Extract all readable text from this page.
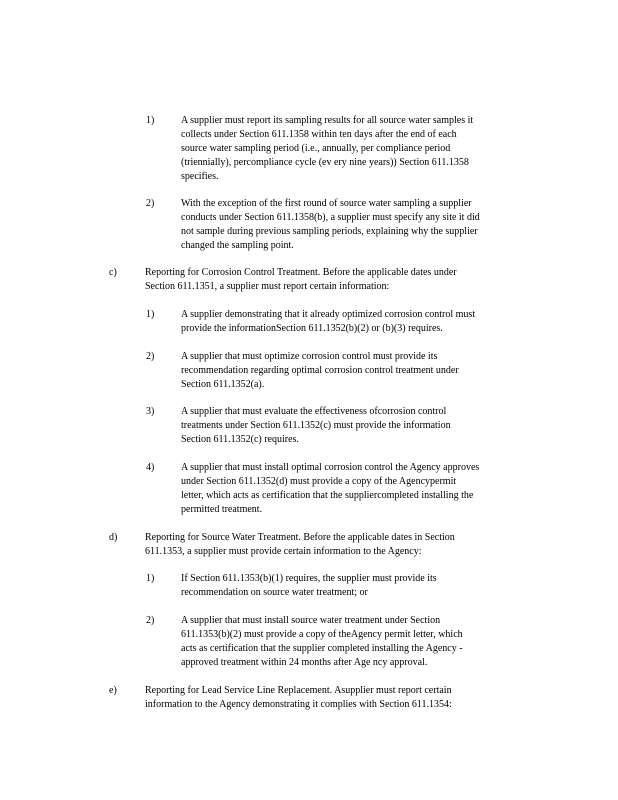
1)	A supplier must report its sampling results for all source water samples it
collects under Section 611.1358 within ten days after the end of each
source water sampling period (i.e., annually, per compliance period
(triennially), percompliance cycle (ev ery nine years)) Section 611.1358
specifies.
2)	With the exception of the first round of source water sampling a supplier
conducts under Section 611.1358(b), a supplier must specify any site it did
not sample during previous sampling periods, explaining why the supplier
changed the sampling point.
c)	Reporting for Corrosion Control Treatment. Before the applicable dates under
Section 611.1351, a supplier must report certain information:
1)	A supplier demonstrating that it already optimized corrosion control must
provide the informationSection 611.1352(b)(2) or (b)(3) requires.
2)	A supplier that must optimize corrosion control must provide its
recommendation regarding optimal corrosion control treatment under
Section 611.1352(a).
3)	A supplier that must evaluate the effectiveness ofcorrosion control
treatments under Section 611.1352(c) must provide the information
Section 611.1352(c) requires.
4)	A supplier that must install optimal corrosion control the Agency approves
under Section 611.1352(d) must provide a copy of the Agencypermit
letter, which acts as certification that the suppliercompleted installing the
permitted treatment.
d)	Reporting for Source Water Treatment. Before the applicable dates in Section
611.1353, a supplier must provide certain information to the Agency:
1)	If Section 611.1353(b)(1) requires, the supplier must provide its
recommendation on source water treatment; or
2)	A supplier that must install source water treatment under Section
611.1353(b)(2) must provide a copy of theAgency permit letter, which
acts as certification that the supplier completed installing the Agency -
approved treatment within 24 months after Age ncy approval.
e)	Reporting for Lead Service Line Replacement. Asupplier must report certain
information to the Agency demonstrating it complies with Section 611.1354:
